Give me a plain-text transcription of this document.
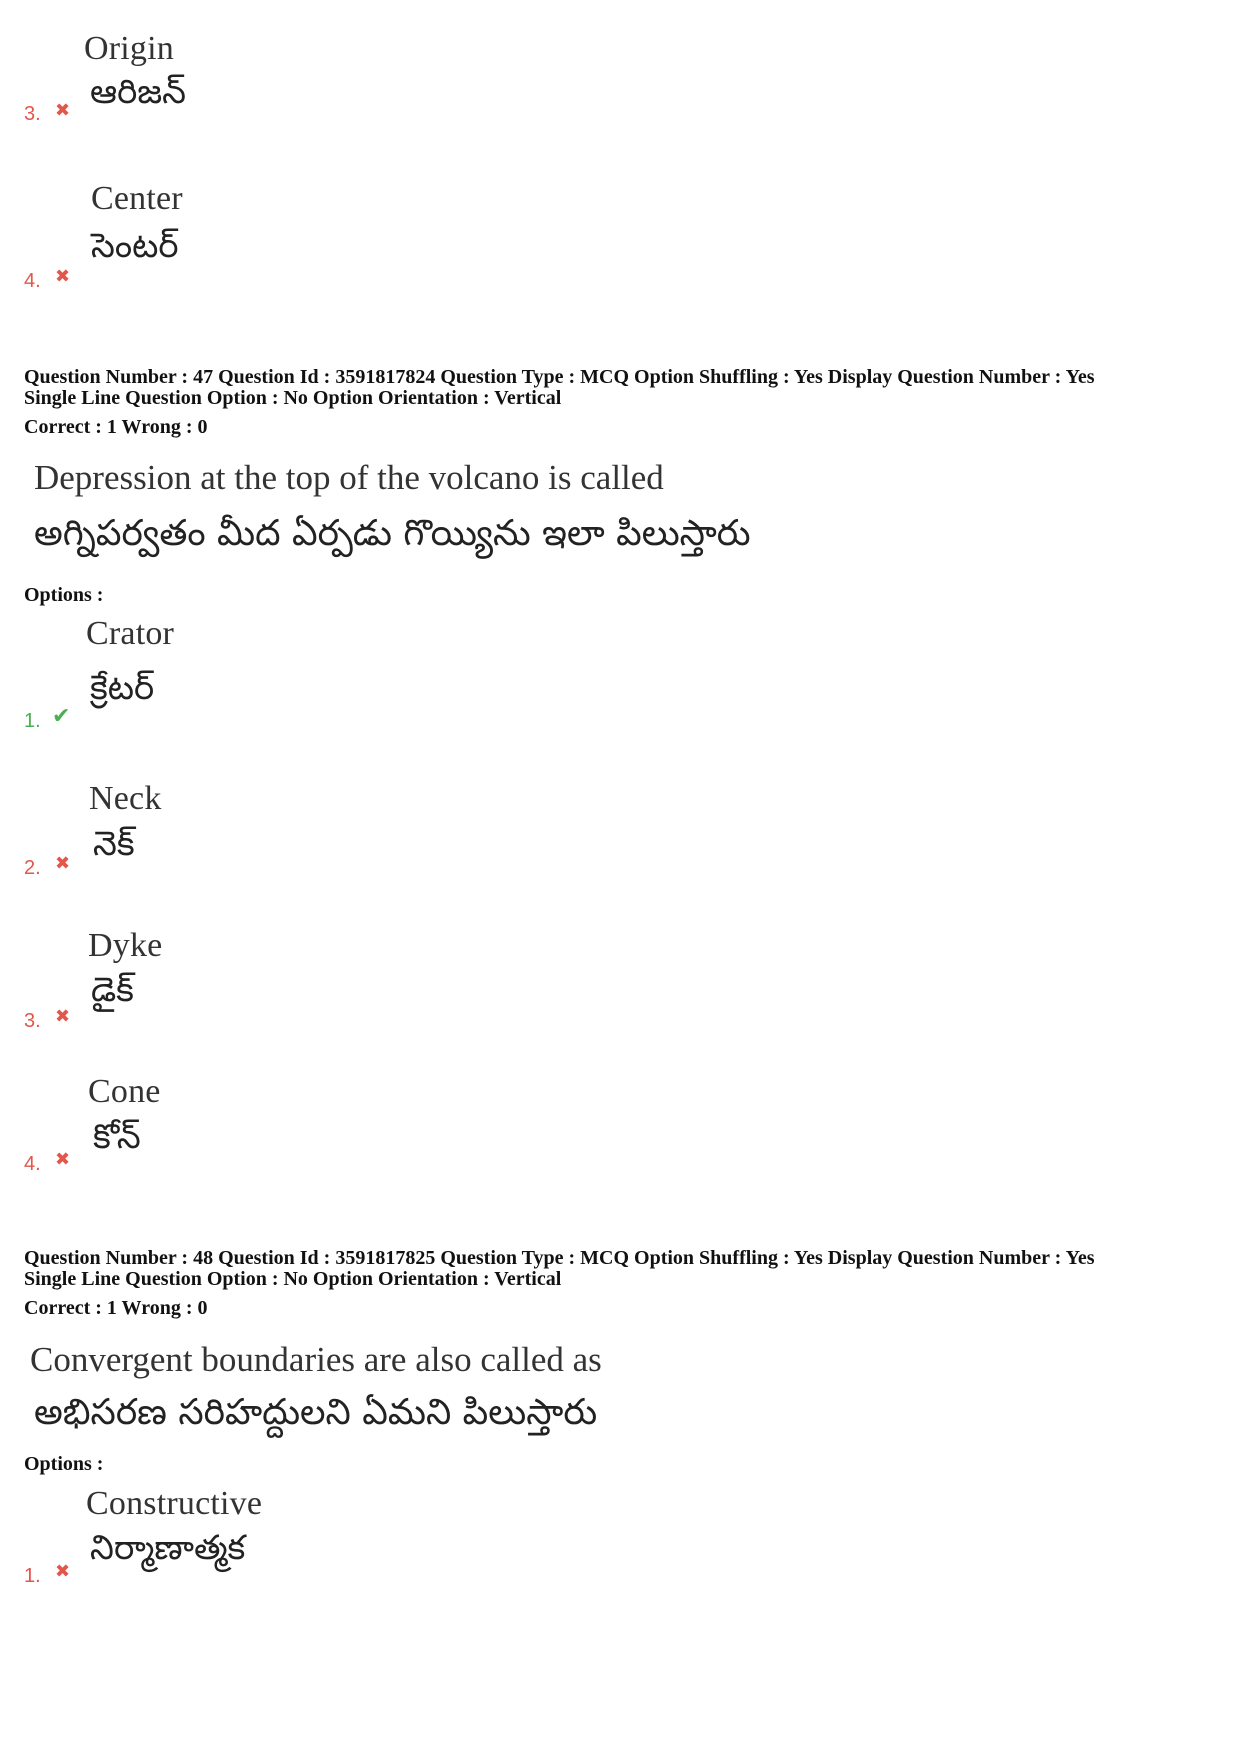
Origin
ఆరిజన్
3. ✖
Center
సెంటర్
4. ✖
Question Number : 47 Question Id : 3591817824 Question Type : MCQ Option Shuffling : Yes Display Question Number : Yes
Single Line Question Option : No Option Orientation : Vertical
Correct : 1 Wrong : 0
Depression at the top of the volcano is called
అగ్నిపర్వతం మీద ఏర్పడు గొయ్యిను ఇలా పిలుస్తారు
Options :
Crator
క్రేటర్
1. ✔
Neck
నెక్
2. ✖
Dyke
డైక్
3. ✖
Cone
కోన్
4. ✖
Question Number : 48 Question Id : 3591817825 Question Type : MCQ Option Shuffling : Yes Display Question Number : Yes
Single Line Question Option : No Option Orientation : Vertical
Correct : 1 Wrong : 0
Convergent boundaries are also called as
అభిసరణ సరిహద్దులని ఏమని పిలుస్తారు
Options :
Constructive
నిర్మాణాత్మక
1. ✖
